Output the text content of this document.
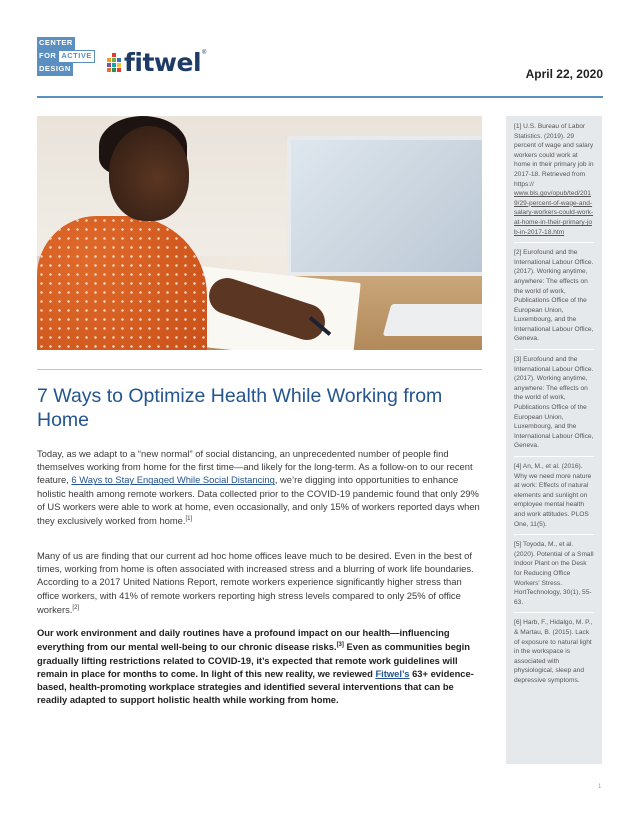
CENTER
FOR ACTIVE
DESIGN fitwel ®
April 22, 2020
7 Ways to Optimize Health While Working from Home

Today, as we adapt to a “new normal” of social distancing, an unprecedented number of people find themselves working from home for the first time—and likely for the long-term. As a follow-on to our recent feature, 6 Ways to Stay Engaged While Social Distancing, we’re digging into opportunities to enhance holistic health among remote workers. Data collected prior to the COVID-19 pandemic found that only 29% of US workers were able to work at home, even occasionally, and only 15% of workers reported days when they exclusively worked from home.[1]

Many of us are finding that our current ad hoc home offices leave much to be desired. Even in the best of times, working from home is often associated with increased stress and a blurring of work life boundaries. According to a 2017 United Nations Report, remote workers experience significantly higher stress than office workers, with 41% of remote workers reporting high stress levels compared to only 25% of office workers.[2]

Our work environment and daily routines have a profound impact on our health—influencing everything from our mental well-being to our chronic disease risks.[3] Even as communities begin gradually lifting restrictions related to COVID-19, it’s expected that remote work guidelines will remain in place for months to come. In light of this new reality, we reviewed Fitwel’s 63+ evidence-based, health-promoting workplace strategies and identified several interventions that can be readily adapted to support holistic health while working from home.

[1] U.S. Bureau of Labor Statistics. (2019). 29 percent of wage and salary workers could work at home in their primary job in 2017-18. Retrieved from https://
www.bls.gov/opub/ted/2019/29-percent-of-wage-and-salary-workers-could-work-at-home-in-their-primary-job-in-2017-18.htm
[2] Eurofound and the International Labour Office. (2017). Working anytime, anywhere: The effects on the world of work, Publications Office of the European Union, Luxembourg, and the International Labour Office, Geneva.
[3] Eurofound and the International Labour Office. (2017). Working anytime, anywhere: The effects on the world of work, Publications Office of the European Union, Luxembourg, and the International Labour Office, Geneva.
[4] An, M., et al. (2016). Why we need more nature at work: Effects of natural elements and sunlight on employee mental health and work attitudes. PLOS One, 11(5).
[5] Toyoda, M., et al. (2020). Potential of a Small Indoor Plant on the Desk for Reducing Office Workers' Stress. HortTechnology, 30(1), 55-63.
[6] Harb, F., Hidalgo, M. P., & Martau, B. (2015). Lack of exposure to natural light in the workspace is associated with physiological, sleep and depressive symptoms.
1
